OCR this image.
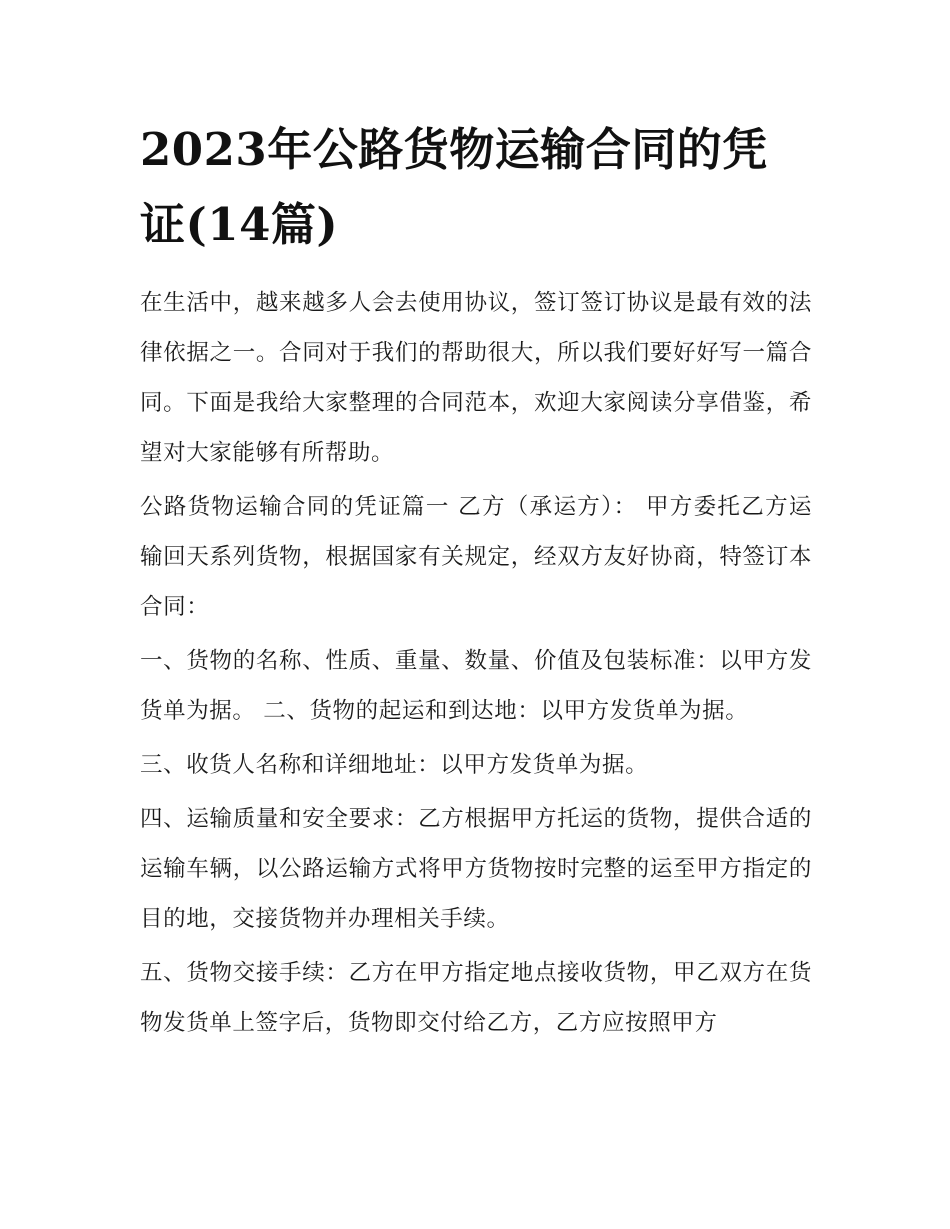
2023年公路货物运输合同的凭证(14篇)

在生活中，越来越多人会去使用协议，签订签订协议是最有效的法律依据之一。合同对于我们的帮助很大，所以我们要好好写一篇合同。下面是我给大家整理的合同范本，欢迎大家阅读分享借鉴，希望对大家能够有所帮助。

公路货物运输合同的凭证篇一 乙方（承运方）： 甲方委托乙方运输回天系列货物，根据国家有关规定，经双方友好协商，特签订本合同：

一、货物的名称、性质、重量、数量、价值及包装标准：以甲方发货单为据。 二、货物的起运和到达地：以甲方发货单为据。

三、收货人名称和详细地址：以甲方发货单为据。

四、运输质量和安全要求：乙方根据甲方托运的货物，提供合适的运输车辆，以公路运输方式将甲方货物按时完整的运至甲方指定的目的地，交接货物并办理相关手续。

五、货物交接手续：乙方在甲方指定地点接收货物，甲乙双方在货物发货单上签字后，货物即交付给乙方，乙方应按照甲方
